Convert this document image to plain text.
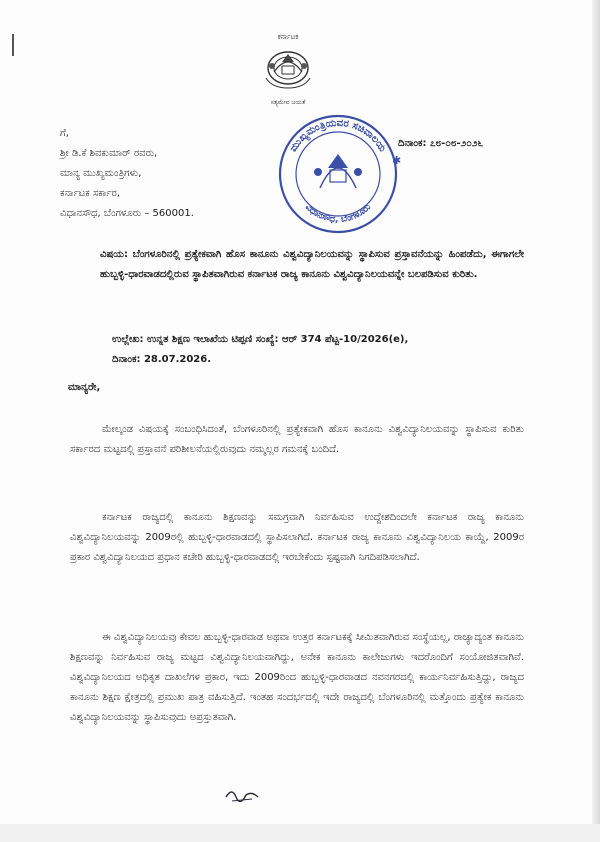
ಕರ್ನಾಟಕ
ಸತ್ಯಮೇವ ಜಯತೆ
ಮುಖ್ಯಮಂತ್ರಿಯವರ ಸಚಿವಾಲಯ
ವಿಧಾನಸೌಧ, ಬೆಂಗಳೂರು
✱
ದಿನಾಂಕ: ೭೮-೦೮-೨೦೨೬
ಗೆ,
ಶ್ರೀ ಡಿ.ಕೆ ಶಿವಕುಮಾರ್ ರವರು,
ಮಾನ್ಯ ಮುಖ್ಯಮಂತ್ರಿಗಳು,
ಕರ್ನಾಟಕ ಸರ್ಕಾರ,
ವಿಧಾನಸೌಧ, ಬೆಂಗಳೂರು – 560001.
ವಿಷಯ: ಬೆಂಗಳೂರಿನಲ್ಲಿ ಪ್ರತ್ಯೇಕವಾಗಿ ಹೊಸ ಕಾನೂನು ವಿಶ್ವವಿದ್ಯಾನಿಲಯವನ್ನು ಸ್ಥಾಪಿಸುವ ಪ್ರಸ್ತಾವನೆಯನ್ನು ಹಿಂಪಡೆದು, ಈಗಾಗಲೇ ಹುಬ್ಬಳ್ಳಿ-ಧಾರವಾಡದಲ್ಲಿರುವ ಸ್ಥಾಪಿತವಾಗಿರುವ ಕರ್ನಾಟಕ ರಾಜ್ಯ ಕಾನೂನು ವಿಶ್ವವಿದ್ಯಾನಿಲಯವನ್ನೇ ಬಲಪಡಿಸುವ ಕುರಿತು.
ಉಲ್ಲೇಖ: ಉನ್ನತ ಶಿಕ್ಷಣ ಇಲಾಖೆಯ ಟಿಪ್ಪಣಿ ಸಂಖ್ಯೆ: ಆರ್ 374 ಪೆಟ್ಟ-10/2026(e),
ದಿನಾಂಕ: 28.07.2026.
ಮಾನ್ಯರೇ,
ಮೇಲ್ಕಂಡ ವಿಷಯಕ್ಕೆ ಸಂಬಂಧಿಸಿದಂತೆ, ಬೆಂಗಳೂರಿನಲ್ಲಿ ಪ್ರತ್ಯೇಕವಾಗಿ ಹೊಸ ಕಾನೂನು ವಿಶ್ವವಿದ್ಯಾನಿಲಯವನ್ನು ಸ್ಥಾಪಿಸುವ ಕುರಿತು ಸರ್ಕಾರದ ಮಟ್ಟದಲ್ಲಿ ಪ್ರಸ್ತಾವನೆ ಪರಿಶೀಲನೆಯಲ್ಲಿರುವುದು ನಮ್ಮಲ್ಲರ ಗಮನಕ್ಕೆ ಬಂದಿದೆ.
ಕರ್ನಾಟಕ ರಾಜ್ಯದಲ್ಲಿ ಕಾನೂನು ಶಿಕ್ಷಣವನ್ನು ಸಮಗ್ರವಾಗಿ ನಿರ್ವಹಿಸುವ ಉದ್ದೇಶದಿಂದಲೇ ಕರ್ನಾಟಕ ರಾಜ್ಯ ಕಾನೂನು ವಿಶ್ವವಿದ್ಯಾನಿಲಯವನ್ನು 2009ರಲ್ಲಿ ಹುಬ್ಬಳ್ಳಿ-ಧಾರವಾಡದಲ್ಲಿ ಸ್ಥಾಪಿಸಲಾಗಿದೆ. ಕರ್ನಾಟಕ ರಾಜ್ಯ ಕಾನೂನು ವಿಶ್ವವಿದ್ಯಾನಿಲಯ ಕಾಯ್ದೆ, 2009ರ ಪ್ರಕಾರ ವಿಶ್ವವಿದ್ಯಾನಿಲಯದ ಪ್ರಧಾನ ಕಚೇರಿ ಹುಬ್ಬಳ್ಳಿ-ಧಾರವಾಡದಲ್ಲಿ ಇರಬೇಕೆಂದು ಸ್ಪಷ್ಟವಾಗಿ ನಿಗದಿಪಡಿಸಲಾಗಿದೆ.
ಈ ವಿಶ್ವವಿದ್ಯಾನಿಲಯವು ಕೇವಲ ಹುಬ್ಬಳ್ಳಿ-ಧಾರವಾಡ ಅಥವಾ ಉತ್ತರ ಕರ್ನಾಟಕಕ್ಕೆ ಸೀಮಿತವಾಗಿರುವ ಸಂಸ್ಥೆಯಲ್ಲ, ರಾಜ್ಯಾದ್ಯಂತ ಕಾನೂನು ಶಿಕ್ಷಣವನ್ನು ನಿರ್ವಹಿಸುವ ರಾಜ್ಯ ಮಟ್ಟದ ವಿಶ್ವವಿದ್ಯಾನಿಲಯವಾಗಿದ್ದು, ಅನೇಕ ಕಾನೂನು ಕಾಲೇಜುಗಳು ಇದರೊಂದಿಗೆ ಸಂಯೋಜಿತವಾಗಿವೆ. ವಿಶ್ವವಿದ್ಯಾನಿಲಯದ ಅಧಿಕೃತ ದಾಖಲೆಗಳ ಪ್ರಕಾರ, ಇದು 2009ರಿಂದ ಹುಬ್ಬಳ್ಳಿ-ಧಾರವಾಡದ ನವನಗರದಲ್ಲಿ ಕಾರ್ಯನಿರ್ವಹಿಸುತ್ತಿದ್ದು, ರಾಜ್ಯದ ಕಾನೂನು ಶಿಕ್ಷಣ ಕ್ಷೇತ್ರದಲ್ಲಿ ಪ್ರಮುಖ ಪಾತ್ರ ವಹಿಸುತ್ತಿದೆ. ಇಂತಹ ಸಂದರ್ಭದಲ್ಲಿ ಇದೇ ರಾಜ್ಯದಲ್ಲಿ ಬೆಂಗಳೂರಿನಲ್ಲಿ ಮತ್ತೊಂದು ಪ್ರತ್ಯೇಕ ಕಾನೂನು ವಿಶ್ವವಿದ್ಯಾನಿಲಯವನ್ನು ಸ್ಥಾಪಿಸುವುದು ಅಪ್ರಸ್ತುತವಾಗಿ.
